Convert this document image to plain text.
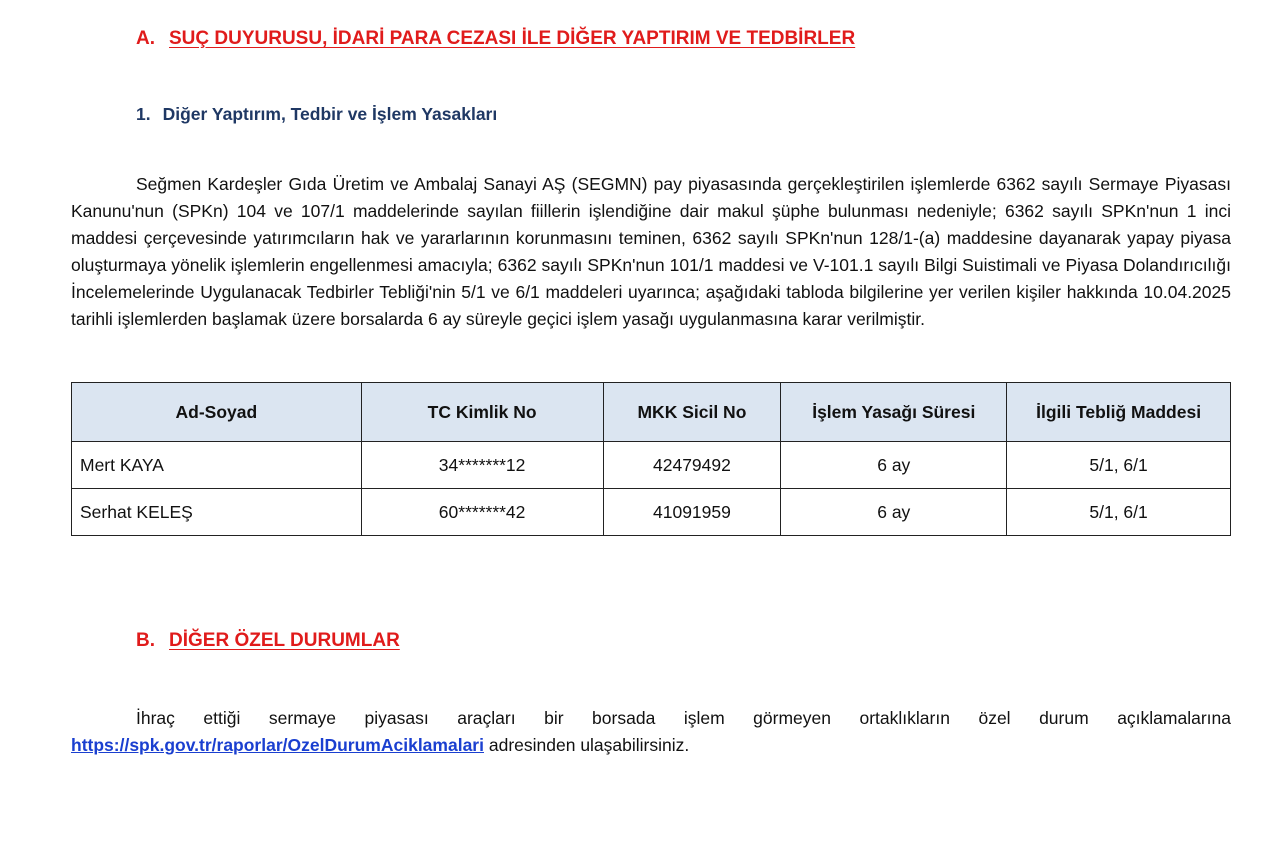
A. SUÇ DUYURUSU, İDARİ PARA CEZASI İLE DİĞER YAPTIRIM VE TEDBİRLER
1. Diğer Yaptırım, Tedbir ve İşlem Yasakları

Seğmen Kardeşler Gıda Üretim ve Ambalaj Sanayi AŞ (SEGMN) pay piyasasında gerçekleştirilen işlemlerde 6362 sayılı Sermaye Piyasası Kanunu'nun (SPKn) 104 ve 107/1 maddelerinde sayılan fiillerin işlendiğine dair makul şüphe bulunması nedeniyle; 6362 sayılı SPKn'nun 1 inci maddesi çerçevesinde yatırımcıların hak ve yararlarının korunmasını teminen, 6362 sayılı SPKn'nun 128/1-(a) maddesine dayanarak yapay piyasa oluşturmaya yönelik işlemlerin engellenmesi amacıyla; 6362 sayılı SPKn'nun 101/1 maddesi ve V-101.1 sayılı Bilgi Suistimali ve Piyasa Dolandırıcılığı İncelemelerinde Uygulanacak Tedbirler Tebliği'nin 5/1 ve 6/1 maddeleri uyarınca; aşağıdaki tabloda bilgilerine yer verilen kişiler hakkında 10.04.2025 tarihli işlemlerden başlamak üzere borsalarda 6 ay süreyle geçici işlem yasağı uygulanmasına karar verilmiştir.

Ad-Soyad	TC Kimlik No	MKK Sicil No	İşlem Yasağı Süresi	İlgili Tebliğ Maddesi
Mert KAYA	34*******12	42479492	6 ay	5/1, 6/1
Serhat KELEŞ	60*******42	41091959	6 ay	5/1, 6/1
B. DİĞER ÖZEL DURUMLAR

İhraç ettiği sermaye piyasası araçları bir borsada işlem görmeyen ortaklıkların özel durum açıklamalarına https://spk.gov.tr/raporlar/OzelDurumAciklamalari adresinden ulaşabilirsiniz.
